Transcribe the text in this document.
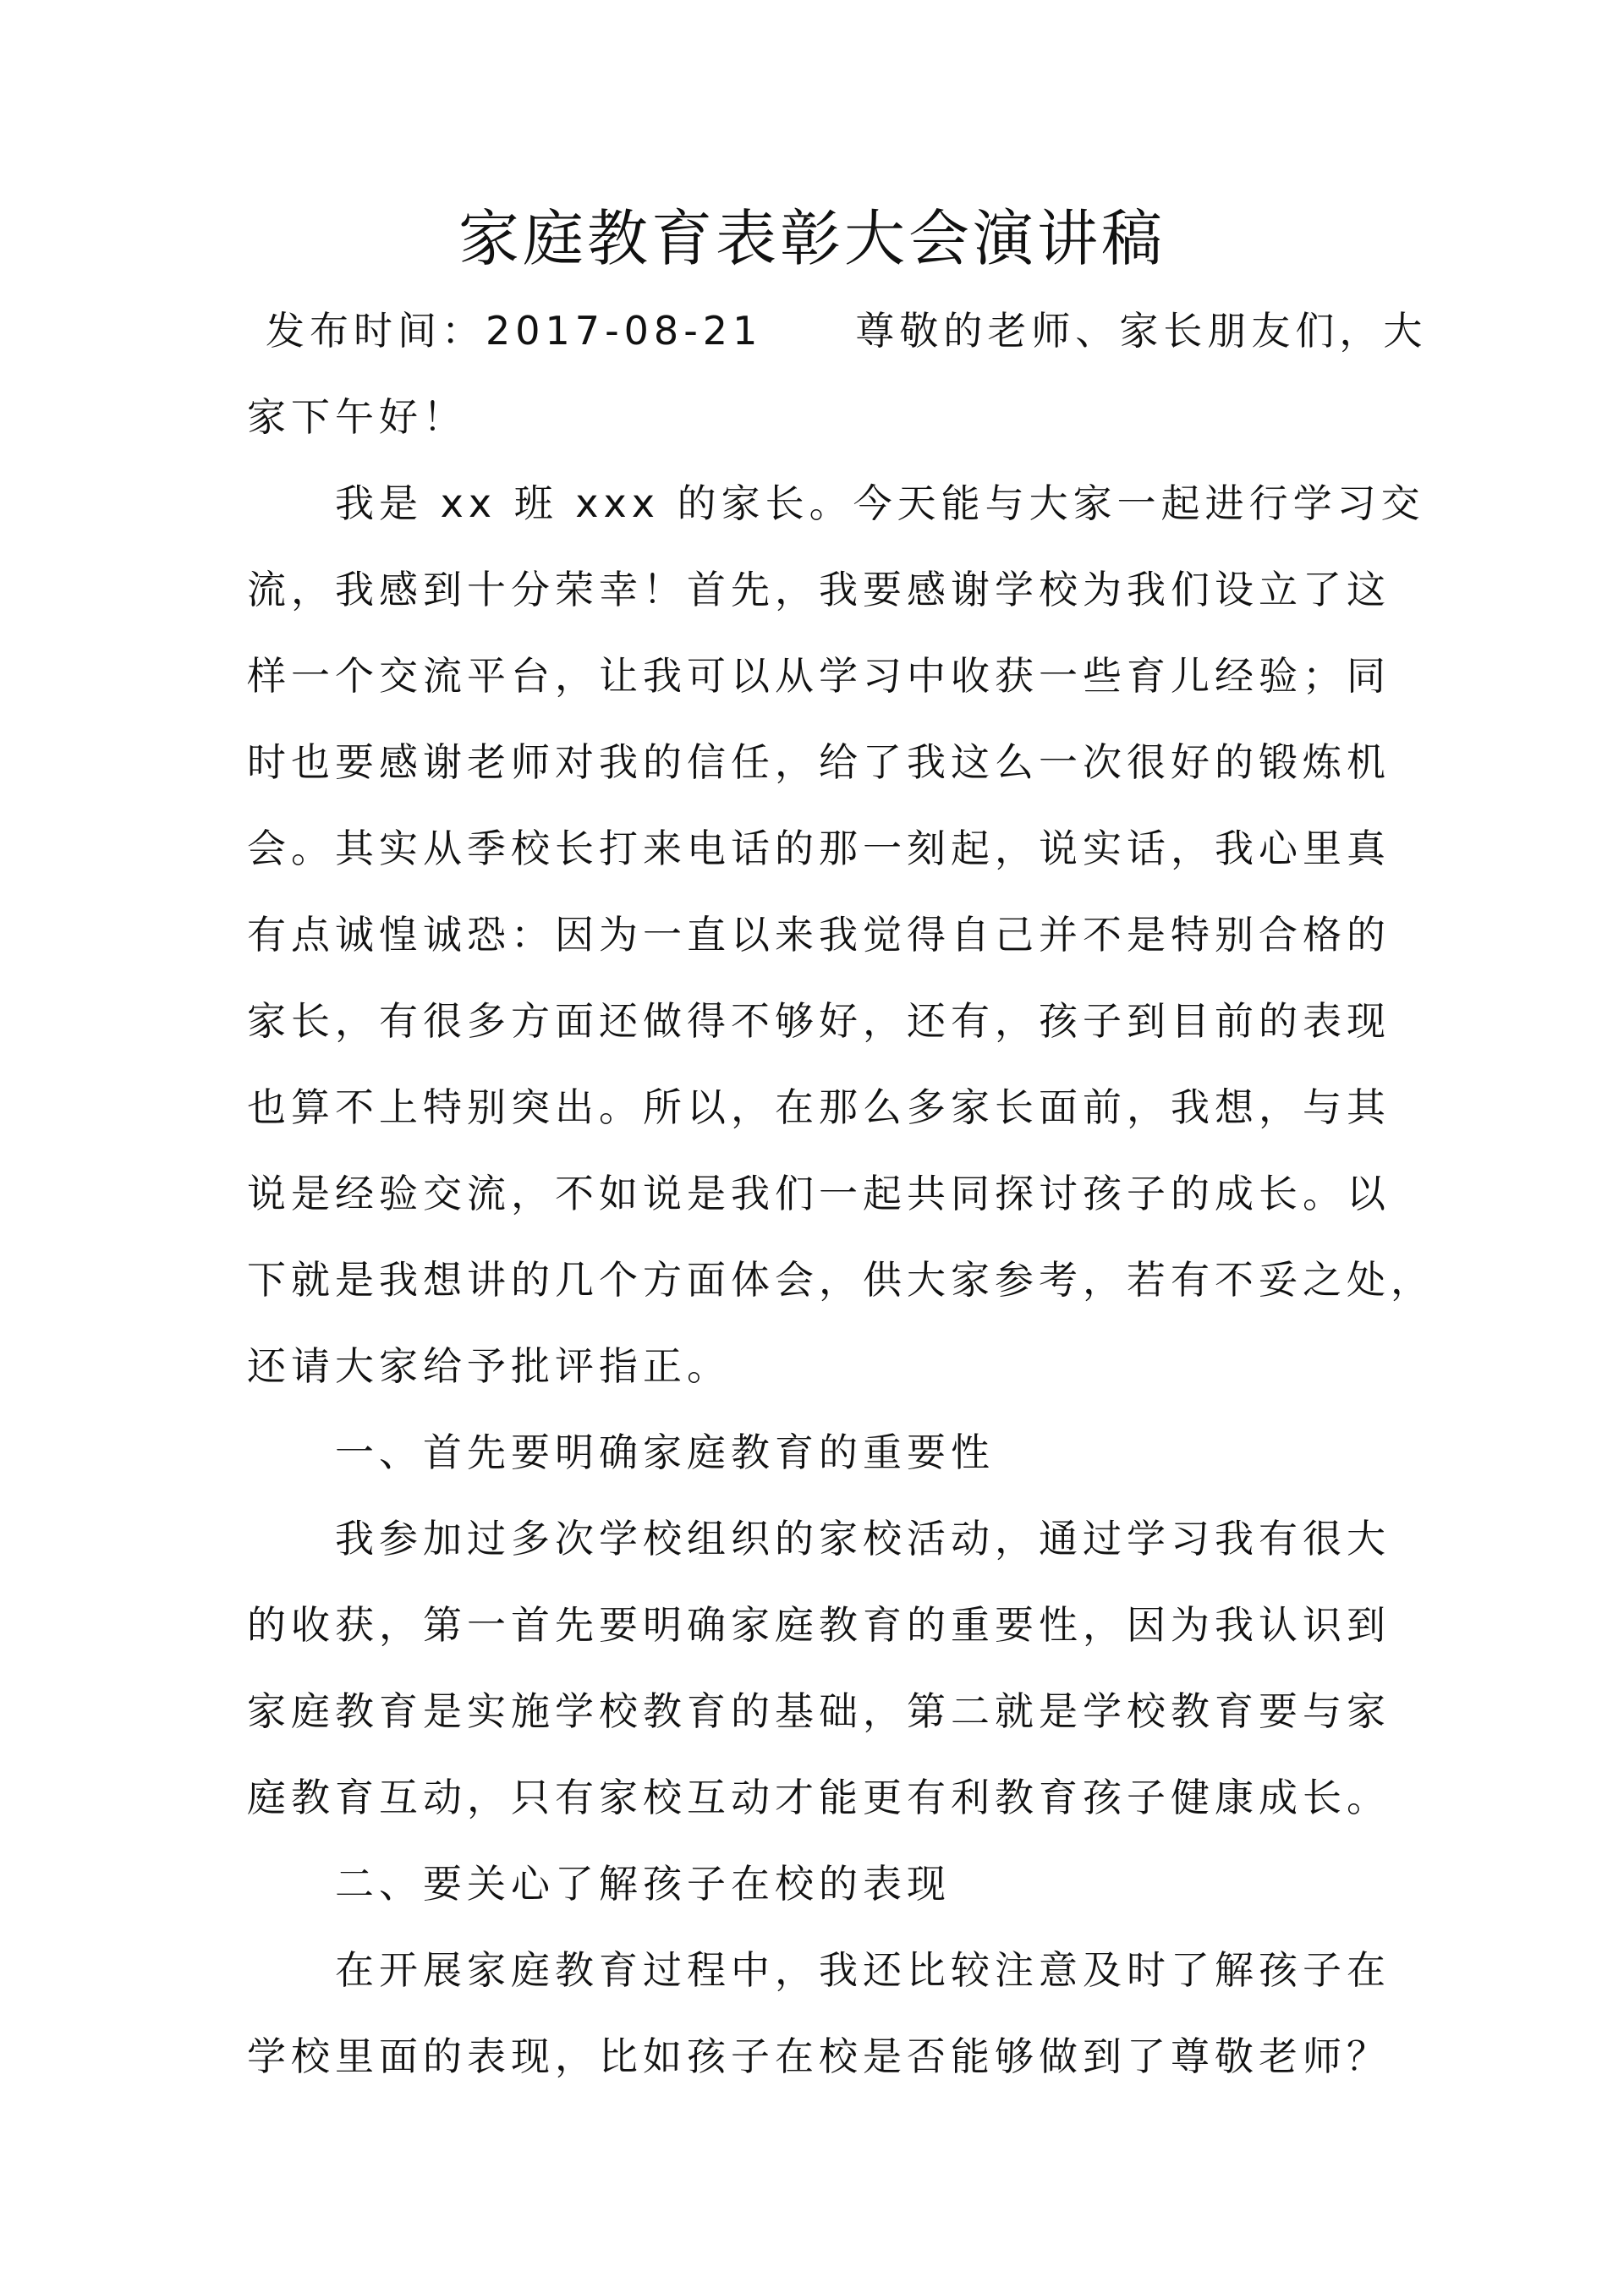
家庭教育表彰大会演讲稿
发布时间：2017-08-21 尊敬的老师、家长朋友们，大
家下午好！
我是 xx 班 xxx 的家长。今天能与大家一起进行学习交
流，我感到十分荣幸！首先，我要感谢学校为我们设立了这
样一个交流平台，让我可以从学习中收获一些育儿经验；同
时也要感谢老师对我的信任，给了我这么一次很好的锻炼机
会。其实从季校长打来电话的那一刻起，说实话，我心里真
有点诚惶诚恐：因为一直以来我觉得自己并不是特别合格的
家长，有很多方面还做得不够好，还有，孩子到目前的表现
也算不上特别突出。所以，在那么多家长面前，我想，与其
说是经验交流，不如说是我们一起共同探讨孩子的成长。以
下就是我想讲的几个方面体会，供大家参考，若有不妥之处，
还请大家给予批评指正。
一、首先要明确家庭教育的重要性
我参加过多次学校组织的家校活动，通过学习我有很大
的收获，第一首先要明确家庭教育的重要性，因为我认识到
家庭教育是实施学校教育的基础，第二就是学校教育要与家
庭教育互动，只有家校互动才能更有利教育孩子健康成长。
二、要关心了解孩子在校的表现
在开展家庭教育过程中，我还比较注意及时了解孩子在
学校里面的表现，比如孩子在校是否能够做到了尊敬老师？
